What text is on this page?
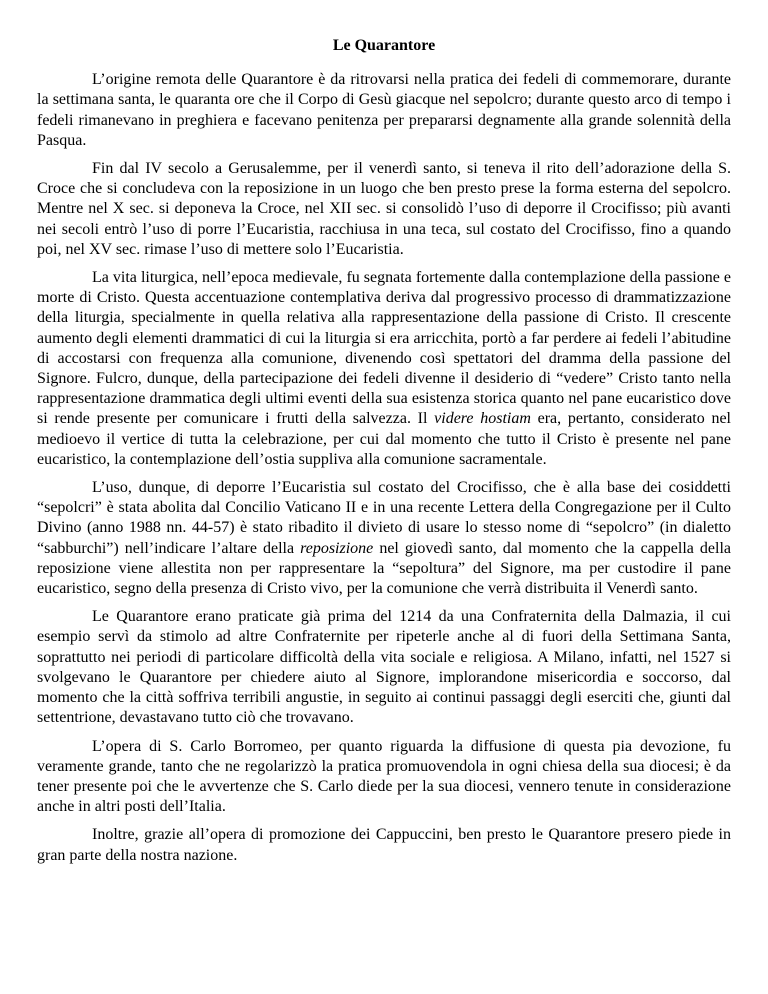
Le Quarantore

L’origine remota delle Quarantore è da ritrovarsi nella pratica dei fedeli di commemorare, durante la settimana santa, le quaranta ore che il Corpo di Gesù giacque nel sepolcro; durante questo arco di tempo i fedeli rimanevano in preghiera e facevano penitenza per prepararsi degnamente alla grande solennità della Pasqua.

Fin dal IV secolo a Gerusalemme, per il venerdì santo, si teneva il rito dell’adorazione della S. Croce che si concludeva con la reposizione in un luogo che ben presto prese la forma esterna del sepolcro. Mentre nel X sec. si deponeva la Croce, nel XII sec. si consolidò l’uso di deporre il Crocifisso; più avanti nei secoli entrò l’uso di porre l’Eucaristia, racchiusa in una teca, sul costato del Crocifisso, fino a quando poi, nel XV sec. rimase l’uso di mettere solo l’Eucaristia.

La vita liturgica, nell’epoca medievale, fu segnata fortemente dalla contemplazione della passione e morte di Cristo. Questa accentuazione contemplativa deriva dal progressivo processo di drammatizzazione della liturgia, specialmente in quella relativa alla rappresentazione della passione di Cristo. Il crescente aumento degli elementi drammatici di cui la liturgia si era arricchita, portò a far perdere ai fedeli l’abitudine di accostarsi con frequenza alla comunione, divenendo così spettatori del dramma della passione del Signore. Fulcro, dunque, della partecipazione dei fedeli divenne il desiderio di “vedere” Cristo tanto nella rappresentazione drammatica degli ultimi eventi della sua esistenza storica quanto nel pane eucaristico dove si rende presente per comunicare i frutti della salvezza. Il videre hostiam era, pertanto, considerato nel medioevo il vertice di tutta la celebrazione, per cui dal momento che tutto il Cristo è presente nel pane eucaristico, la contemplazione dell’ostia suppliva alla comunione sacramentale.

L’uso, dunque, di deporre l’Eucaristia sul costato del Crocifisso, che è alla base dei cosiddetti “sepolcri” è stata abolita dal Concilio Vaticano II e in una recente Lettera della Congregazione per il Culto Divino (anno 1988 nn. 44-57) è stato ribadito il divieto di usare lo stesso nome di “sepolcro” (in dialetto “sabburchi”) nell’indicare l’altare della reposizione nel giovedì santo, dal momento che la cappella della reposizione viene allestita non per rappresentare la “sepoltura” del Signore, ma per custodire il pane eucaristico, segno della presenza di Cristo vivo, per la comunione che verrà distribuita il Venerdì santo.

Le Quarantore erano praticate già prima del 1214 da una Confraternita della Dalmazia, il cui esempio servì da stimolo ad altre Confraternite per ripeterle anche al di fuori della Settimana Santa, soprattutto nei periodi di particolare difficoltà della vita sociale e religiosa. A Milano, infatti, nel 1527 si svolgevano le Quarantore per chiedere aiuto al Signore, implorandone misericordia e soccorso, dal momento che la città soffriva terribili angustie, in seguito ai continui passaggi degli eserciti che, giunti dal settentrione, devastavano tutto ciò che trovavano.

L’opera di S. Carlo Borromeo, per quanto riguarda la diffusione di questa pia devozione, fu veramente grande, tanto che ne regolarizzò la pratica promuovendola in ogni chiesa della sua diocesi; è da tener presente poi che le avvertenze che S. Carlo diede per la sua diocesi, vennero tenute in considerazione anche in altri posti dell’Italia.

Inoltre, grazie all’opera di promozione dei Cappuccini, ben presto le Quarantore presero piede in gran parte della nostra nazione.
